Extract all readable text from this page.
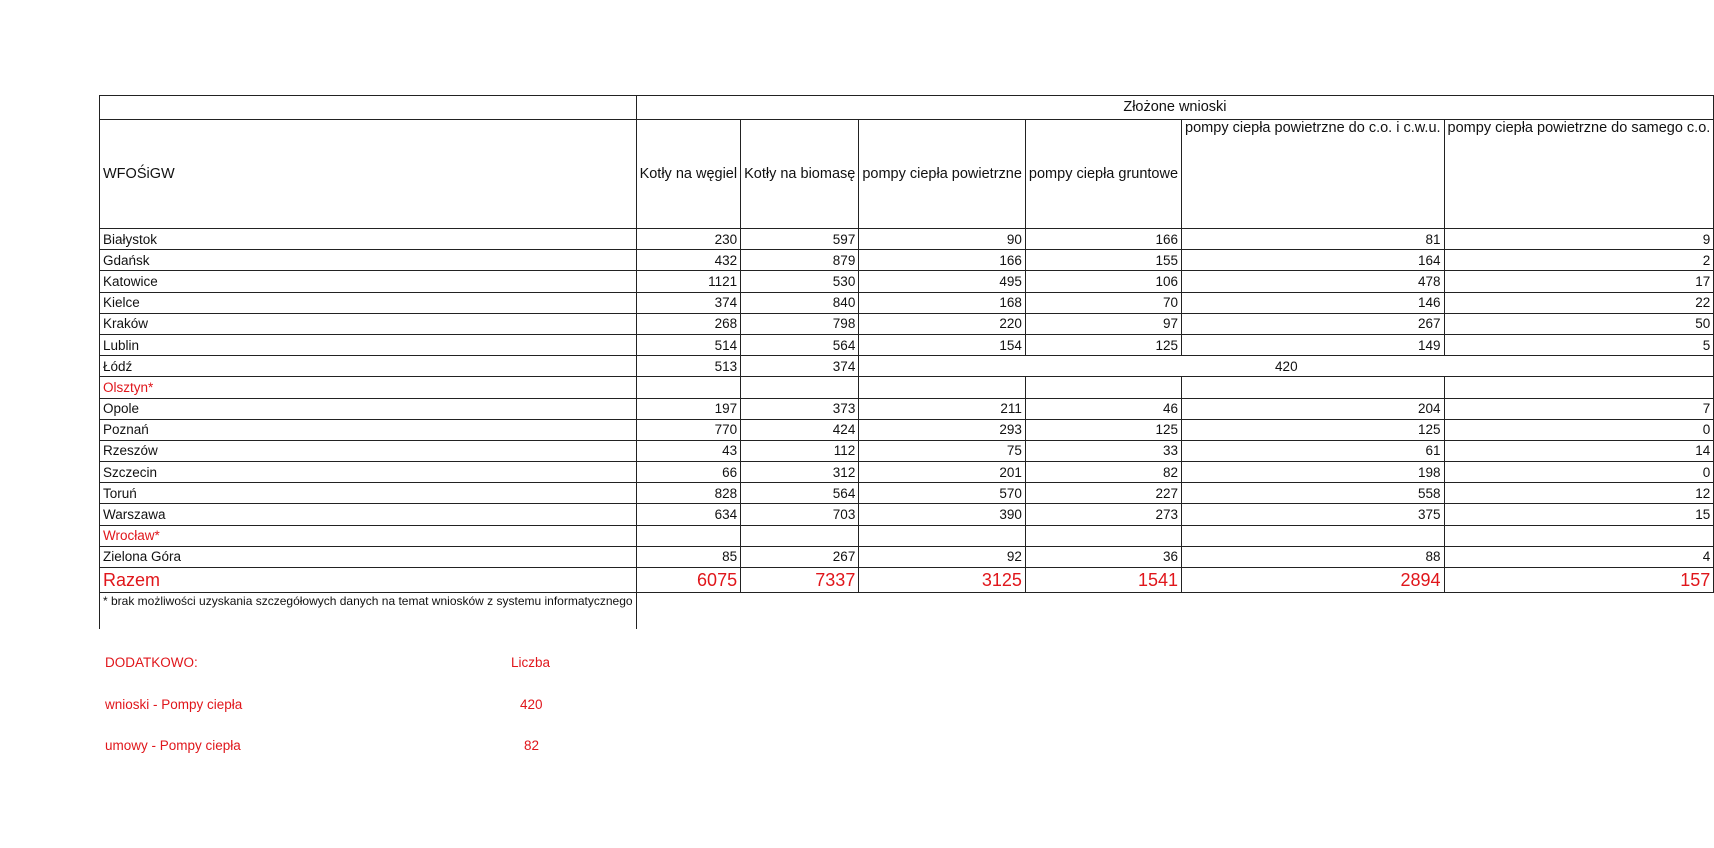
	Złożone wnioski					
WFOŚiGW	Kotły na węgiel	Kotły na biomasę	pompy ciepła powietrzne	pompy ciepła gruntowe	pompy ciepła powietrzne do c.o. i c.w.u.	pompy ciepła powietrzne do samego c.o.
Białystok	230	597	90	166	81	9
Gdańsk	432	879	166	155	164	2
Katowice	1121	530	495	106	478	17
Kielce	374	840	168	70	146	22
Kraków	268	798	220	97	267	50
Lublin	514	564	154	125	149	5
Łódź	513	374	420			
Olsztyn*						
Opole	197	373	211	46	204	7
Poznań	770	424	293	125	125	0
Rzeszów	43	112	75	33	61	14
Szczecin	66	312	201	82	198	0
Toruń	828	564	570	227	558	12
Warszawa	634	703	390	273	375	15
Wrocław*						
Zielona Góra	85	267	92	36	88	4
Razem	6075	7337	3125	1541	2894	157
* brak możliwości uzyskania szczegółowych danych na temat wniosków z systemu informatycznego						
DODATKOWO:	Liczba
wnioski - Pompy ciepła	420
umowy - Pompy ciepła	82
